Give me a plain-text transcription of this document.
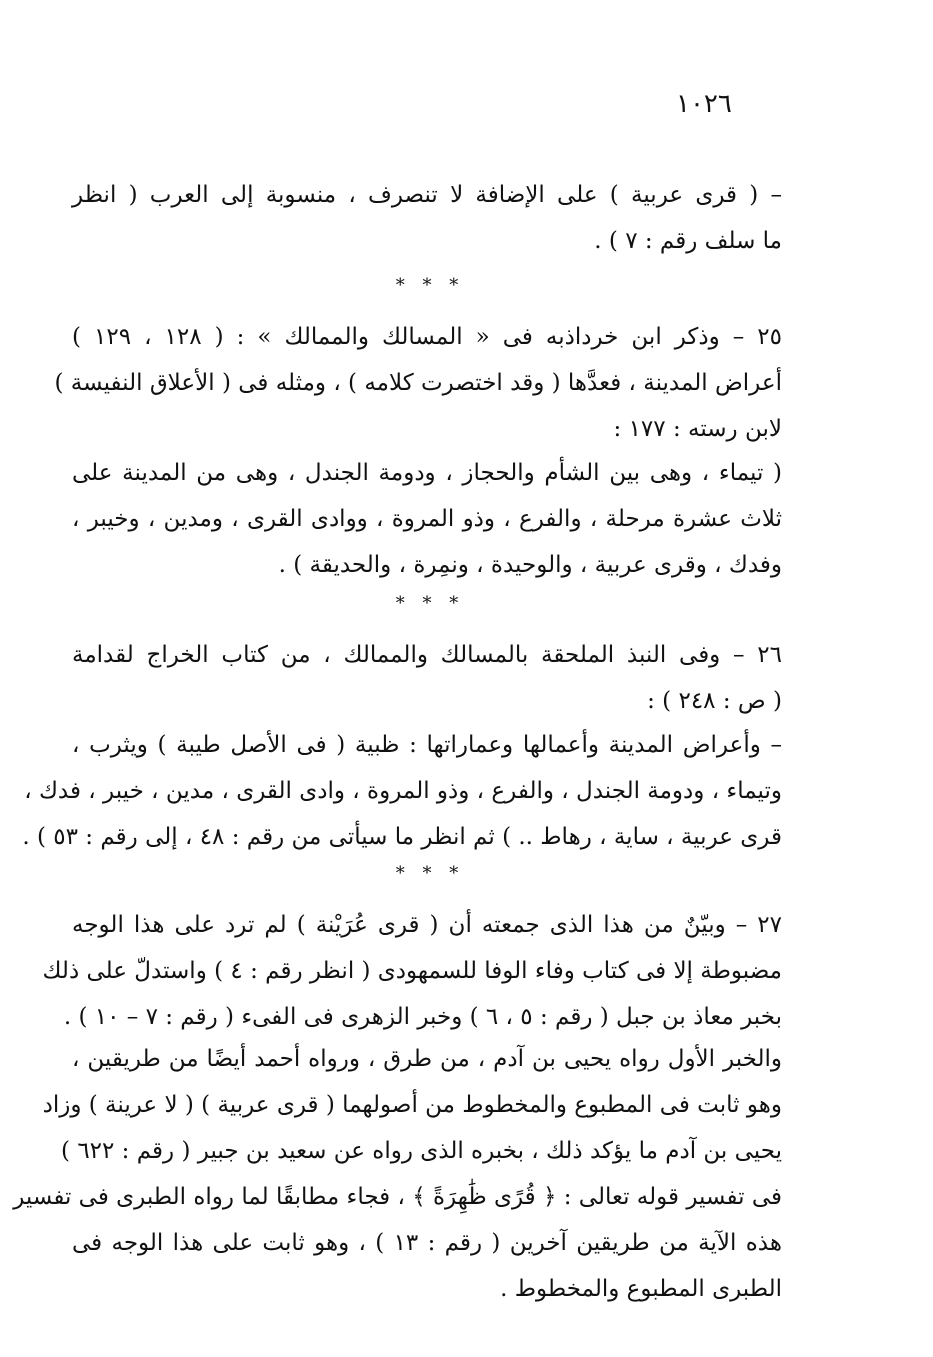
١٠٢٦
– ( قرى عربية ) على الإضافة لا تنصرف ، منسوبة إلى العرب ( انظر
ما سلف رقم : ٧ ) .
* * *
٢٥ – وذكر ابن خرداذبه فى « المسالك والممالك » : ( ١٢٨ ، ١٢٩ )
أعراض المدينة ، فعدَّها ( وقد اختصرت كلامه ) ، ومثله فى ( الأعلاق النفيسة )
لابن رسته : ١٧٧ :
( تيماء ، وهى بين الشأم والحجاز ، ودومة الجندل ، وهى من المدينة على
ثلاث عشرة مرحلة ، والفرع ، وذو المروة ، ووادى القرى ، ومدين ، وخيبر ،
وفدك ، وقرى عربية ، والوحيدة ، ونمِرة ، والحديقة ) .
* * *
٢٦ – وفى النبذ الملحقة بالمسالك والممالك ، من كتاب الخراج لقدامة
( ص : ٢٤٨ ) :
– وأعراض المدينة وأعمالها وعماراتها : ظبية ( فى الأصل طيبة ) ويثرب ،
وتيماء ، ودومة الجندل ، والفرع ، وذو المروة ، وادى القرى ، مدين ، خيبر ، فدك ،
قرى عربية ، ساية ، رهاط .. ) ثم انظر ما سيأتى من رقم : ٤٨ ، إلى رقم : ٥٣ ) .
* * *
٢٧ – وبيّنٌ من هذا الذى جمعته أن ( قرى عُرَيْنة ) لم ترد على هذا الوجه
مضبوطة إلا فى كتاب وفاء الوفا للسمهودى ( انظر رقم : ٤ ) واستدلّ على ذلك
بخبر معاذ بن جبل ( رقم : ٥ ، ٦ ) وخبر الزهرى فى الفىء ( رقم : ٧ – ١٠ ) .
والخبر الأول رواه يحيى بن آدم ، من طرق ، ورواه أحمد أيضًا من طريقين ،
وهو ثابت فى المطبوع والمخطوط من أصولهما ( قرى عربية ) ( لا عرينة ) وزاد
يحيى بن آدم ما يؤكد ذلك ، بخبره الذى رواه عن سعيد بن جبير ( رقم : ٦٢٢ )
فى تفسير قوله تعالى : ﴿ قُرًى ظَٰهِرَةً ﴾ ، فجاء مطابقًا لما رواه الطبرى فى تفسير
هذه الآية من طريقين آخرين ( رقم : ١٣ ) ، وهو ثابت على هذا الوجه فى
الطبرى المطبوع والمخطوط .
